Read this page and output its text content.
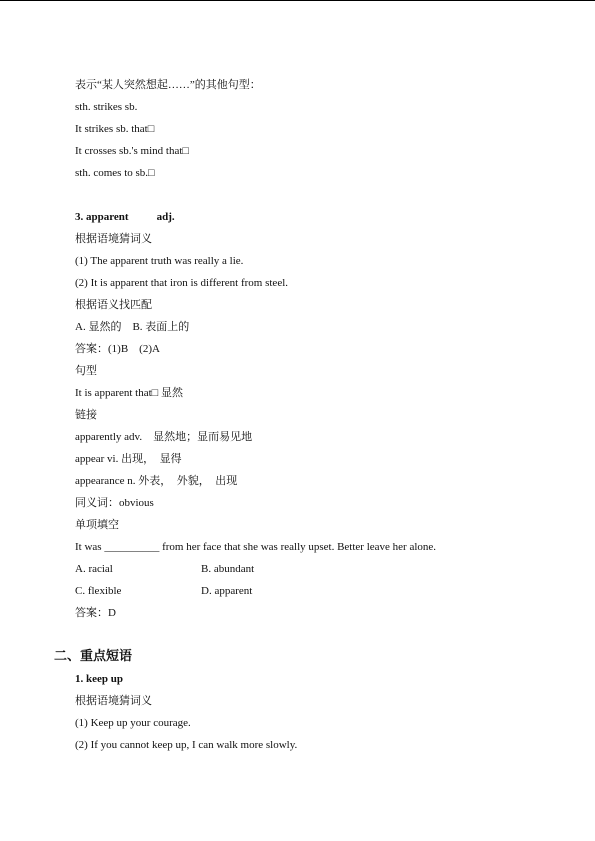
表示“某人突然想起……”的其他句型：
sth. strikes sb.
It strikes sb. that□
It crosses sb.'s mind that□
sth. comes to sb.□
3. apparent	adj.
根据语境猜词义
(1) The apparent truth was really a lie.
(2) It is apparent that iron is different from steel.
根据语义找匹配
A. 显然的　B. 表面上的
答案：(1)B　(2)A
句型
It is apparent that□ 显然
链接
apparently adv.　显然地；显而易见地
appear vi. 出现，　显得
appearance n. 外表，　外貌，　出现
同义词：obvious
单项填空
It was __________ from her face that she was really upset. Better leave her alone.
A. racial	B. abundant
C. flexible	D. apparent
答案：D
二、重点短语
1. keep up
根据语境猜词义
(1) Keep up your courage.
(2) If you cannot keep up, I can walk more slowly.
